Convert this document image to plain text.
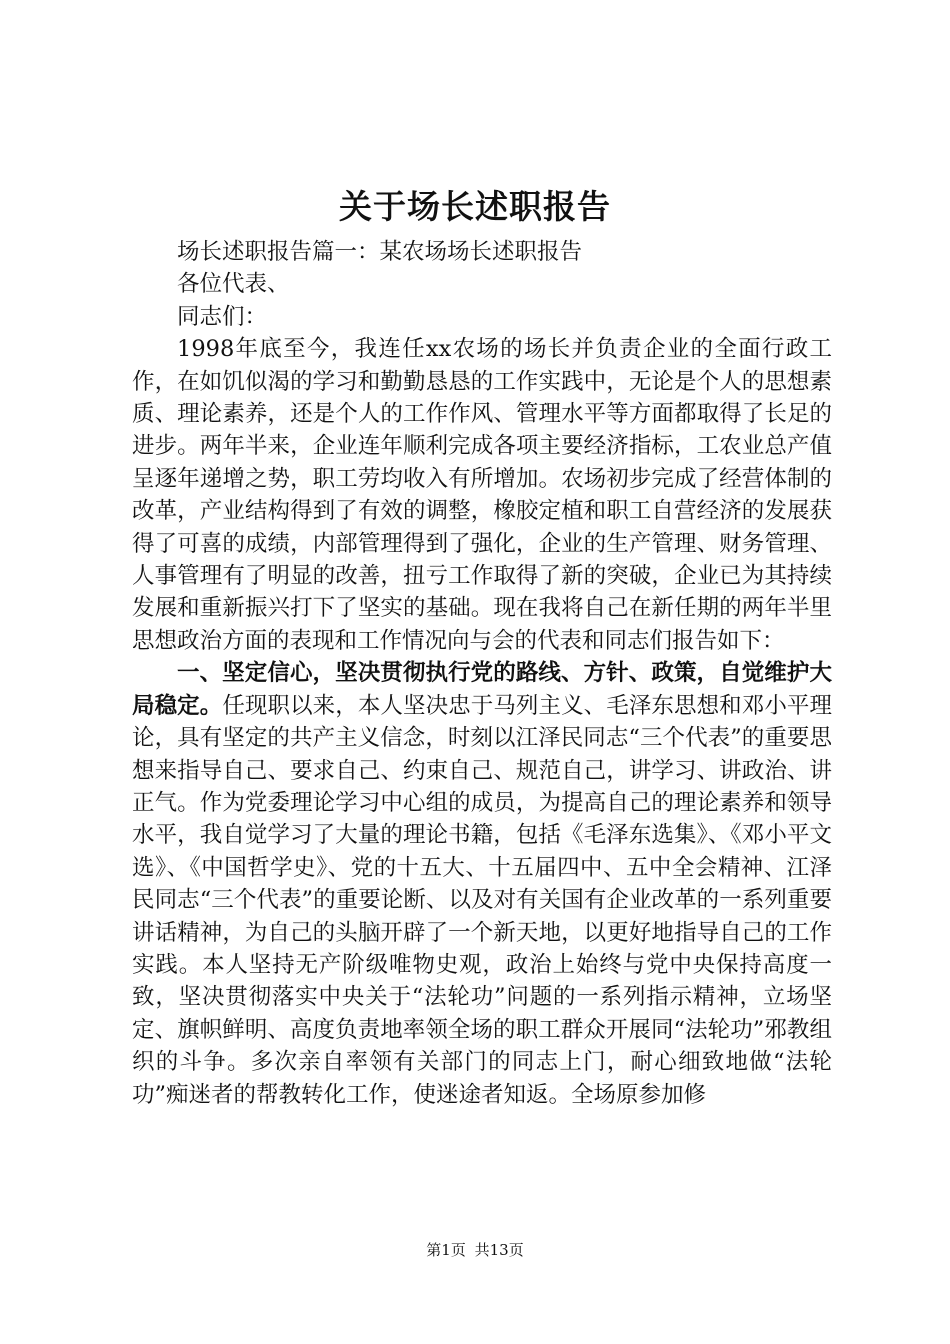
关于场长述职报告

场长述职报告篇一：某农场场长述职报告

各位代表、

同志们：

1998年底至今，我连任xx农场的场长并负责企业的全面行政工作，在如饥似渴的学习和勤勤恳恳的工作实践中，无论是个人的思想素质、理论素养，还是个人的工作作风、管理水平等方面都取得了长足的进步。两年半来，企业连年顺利完成各项主要经济指标，工农业总产值呈逐年递增之势，职工劳均收入有所增加。农场初步完成了经营体制的改革，产业结构得到了有效的调整，橡胶定植和职工自营经济的发展获得了可喜的成绩，内部管理得到了强化，企业的生产管理、财务管理、人事管理有了明显的改善，扭亏工作取得了新的突破，企业已为其持续发展和重新振兴打下了坚实的基础。现在我将自己在新任期的两年半里思想政治方面的表现和工作情况向与会的代表和同志们报告如下：

一、坚定信心，坚决贯彻执行党的路线、方针、政策，自觉维护大局稳定。任现职以来，本人坚决忠于马列主义、毛泽东思想和邓小平理论，具有坚定的共产主义信念，时刻以江泽民同志“三个代表”的重要思想来指导自己、要求自己、约束自己、规范自己，讲学习、讲政治、讲正气。作为党委理论学习中心组的成员，为提高自己的理论素养和领导水平，我自觉学习了大量的理论书籍，包括《毛泽东选集》、《邓小平文选》、《中国哲学史》、党的十五大、十五届四中、五中全会精神、江泽民同志“三个代表”的重要论断、以及对有关国有企业改革的一系列重要讲话精神，为自己的头脑开辟了一个新天地，以更好地指导自己的工作实践。本人坚持无产阶级唯物史观，政治上始终与党中央保持高度一致，坚决贯彻落实中央关于“法轮功”问题的一系列指示精神，立场坚定、旗帜鲜明、高度负责地率领全场的职工群众开展同“法轮功”邪教组织的斗争。多次亲自率领有关部门的同志上门，耐心细致地做“法轮功”痴迷者的帮教转化工作，使迷途者知返。全场原参加修

第1页 共13页
